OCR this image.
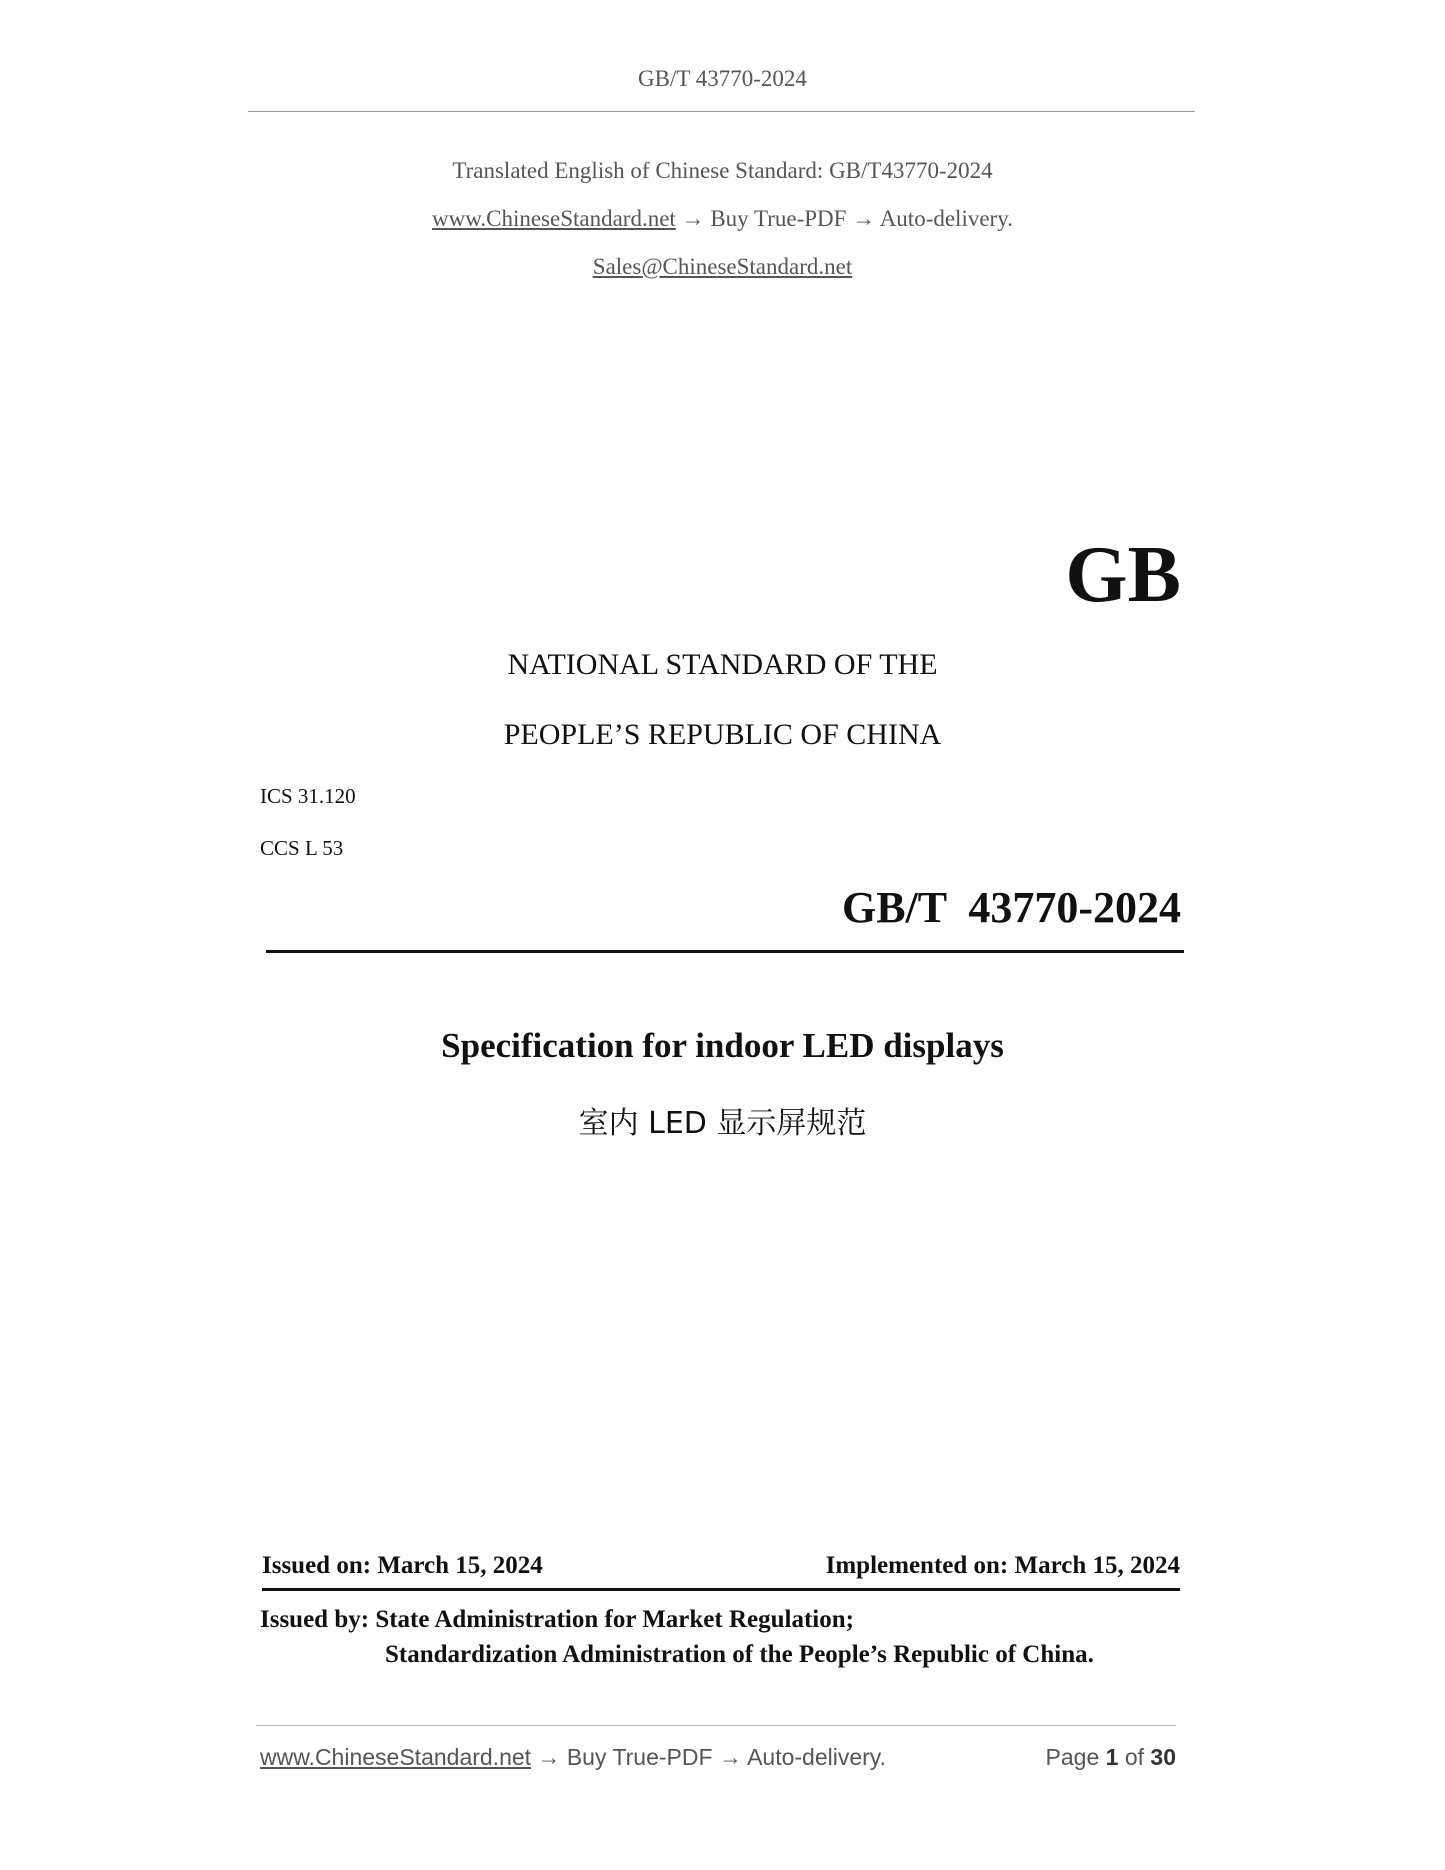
GB/T 43770-2024
Translated English of Chinese Standard: GB/T43770-2024
www.ChineseStandard.net → Buy True-PDF → Auto-delivery.
Sales@ChineseStandard.net
GB
NATIONAL STANDARD OF THE
PEOPLE’S REPUBLIC OF CHINA
ICS 31.120
CCS L 53
GB/T  43770-2024
Specification for indoor LED displays
室内 LED 显示屏规范
Issued on: March 15, 2024	Implemented on: March 15, 2024
Issued by: State Administration for Market Regulation;
Standardization Administration of the People’s Republic of China.
www.ChineseStandard.net → Buy True-PDF → Auto-delivery.	Page 1 of 30
